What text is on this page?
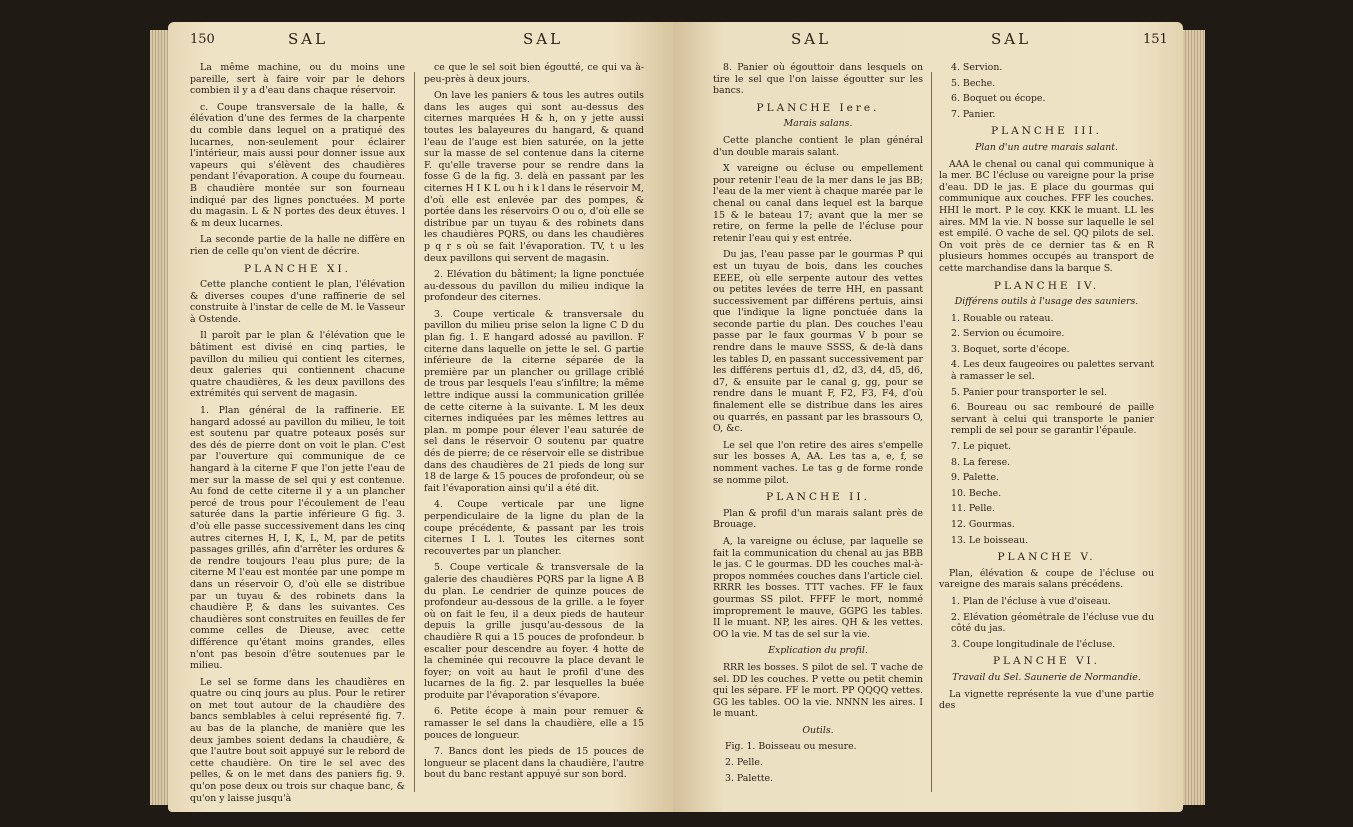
150	SAL	SAL

La même machine, ou du moins une pareille, sert à faire voir par le dehors combien il y a d'eau dans chaque réservoir.

c. Coupe transversale de la halle, & élévation d'une des fermes de la charpente du comble dans lequel on a pratiqué des lucarnes, non-seulement pour éclairer l'intérieur, mais aussi pour donner issue aux vapeurs qui s'élèvent des chaudières pendant l'évaporation. A coupe du fourneau. B chaudière montée sur son fourneau indiqué par des lignes ponctuées. M porte du magasin. L & N portes des deux étuves. l & m deux lucarnes.

La seconde partie de la halle ne diffère en rien de celle qu'on vient de décrire.

PLANCHE XI.

Cette planche contient le plan, l'élévation & diverses coupes d'une raffinerie de sel construite à l'instar de celle de M. le Vasseur à Ostende.

Il paroît par le plan & l'élévation que le bâtiment est divisé en cinq parties, le pavillon du milieu qui contient les citernes, deux galeries qui contiennent chacune quatre chaudières, & les deux pavillons des extrémités qui servent de magasin.

1. Plan général de la raffinerie. EE hangard adossé au pavillon du milieu, le toit est soutenu par quatre poteaux posés sur des dés de pierre dont on voit le plan. C'est par l'ouverture qui communique de ce hangard à la citerne F que l'on jette l'eau de mer sur la masse de sel qui y est contenue. Au fond de cette citerne il y a un plancher percé de trous pour l'écoulement de l'eau saturée dans la partie inférieure G fig. 3. d'où elle passe successivement dans les cinq autres citernes H, I, K, L, M, par de petits passages grillés, afin d'arrêter les ordures & de rendre toujours l'eau plus pure; de la citerne M l'eau est montée par une pompe m dans un réservoir O, d'où elle se distribue par un tuyau & des robinets dans la chaudière P, & dans les suivantes. Ces chaudières sont construites en feuilles de fer comme celles de Dieuse, avec cette différence qu'étant moins grandes, elles n'ont pas besoin d'être soutenues par le milieu.

Le sel se forme dans les chaudières en quatre ou cinq jours au plus. Pour le retirer on met tout autour de la chaudière des bancs semblables à celui représenté fig. 7. au bas de la planche, de manière que les deux jambes soient dedans la chaudière, & que l'autre bout soit appuyé sur le rebord de cette chaudière. On tire le sel avec des pelles, & on le met dans des paniers fig. 9. qu'on pose deux ou trois sur chaque banc, & qu'on y laisse jusqu'à

ce que le sel soit bien égoutté, ce qui va à-peu-près à deux jours.

On lave les paniers & tous les autres outils dans les auges qui sont au-dessus des citernes marquées H & h, on y jette aussi toutes les balayeures du hangard, & quand l'eau de l'auge est bien saturée, on la jette sur la masse de sel contenue dans la citerne F. qu'elle traverse pour se rendre dans la fosse G de la fig. 3. delà en passant par les citernes H I K L ou h i k l dans le réservoir M, d'où elle est enlevée par des pompes, & portée dans les réservoirs O ou o, d'où elle se distribue par un tuyau & des robinets dans les chaudières PQRS, ou dans les chaudières p q r s où se fait l'évaporation. TV, t u les deux pavillons qui servent de magasin.

2. Elévation du bâtiment; la ligne ponctuée au-dessous du pavillon du milieu indique la profondeur des citernes.

3. Coupe verticale & transversale du pavillon du milieu prise selon la ligne C D du plan fig. 1. E hangard adossé au pavillon. F citerne dans laquelle on jette le sel. G partie inférieure de la citerne séparée de la première par un plancher ou grillage criblé de trous par lesquels l'eau s'infiltre; la même lettre indique aussi la communication grillée de cette citerne à la suivante. L M les deux citernes indiquées par les mêmes lettres au plan. m pompe pour élever l'eau saturée de sel dans le réservoir O soutenu par quatre dés de pierre; de ce réservoir elle se distribue dans des chaudières de 21 pieds de long sur 18 de large & 15 pouces de profondeur, où se fait l'évaporation ainsi qu'il a été dit.

4. Coupe verticale par une ligne perpendiculaire de la ligne du plan de la coupe précédente, & passant par les trois citernes I L l. Toutes les citernes sont recouvertes par un plancher.

5. Coupe verticale & transversale de la galerie des chaudières PQRS par la ligne A B du plan. Le cendrier de quinze pouces de profondeur au-dessous de la grille. a le foyer où on fait le feu, il a deux pieds de hauteur depuis la grille jusqu'au-dessous de la chaudière R qui a 15 pouces de profondeur. b escalier pour descendre au foyer. 4 hotte de la cheminée qui recouvre la place devant le foyer; on voit au haut le profil d'une des lucarnes de la fig. 2. par lesquelles la buée produite par l'évaporation s'évapore.

6. Petite écope à main pour remuer & ramasser le sel dans la chaudière, elle a 15 pouces de longueur.

7. Bancs dont les pieds de 15 pouces de longueur se placent dans la chaudière, l'autre bout du banc restant appuyé sur son bord.

SAL	SAL	151

8. Panier où égouttoir dans lesquels on tire le sel que l'on laisse égoutter sur les bancs.

PLANCHE Iere.

Marais salans.

Cette planche contient le plan général d'un double marais salant.

X vareigne ou écluse ou empellement pour retenir l'eau de la mer dans le jas BB; l'eau de la mer vient à chaque marée par le chenal ou canal dans lequel est la barque 15 & le bateau 17; avant que la mer se retire, on ferme la pelle de l'écluse pour retenir l'eau qui y est entrée.

Du jas, l'eau passe par le gourmas P qui est un tuyau de bois, dans les couches EEEE, où elle serpente autour des vettes ou petites levées de terre HH, en passant successivement par différens pertuis, ainsi que l'indique la ligne ponctuée dans la seconde partie du plan. Des couches l'eau passe par le faux gourmas V b pour se rendre dans le mauve SSSS, & de-là dans les tables D, en passant successivement par les différens pertuis d1, d2, d3, d4, d5, d6, d7, & ensuite par le canal g, gg, pour se rendre dans le muant F, F2, F3, F4, d'où finalement elle se distribue dans les aires ou quarrés, en passant par les brassours O, O, &c.

Le sel que l'on retire des aires s'empelle sur les bosses A, AA. Les tas a, e, f, se nomment vaches. Le tas g de forme ronde se nomme pilot.

PLANCHE II.

Plan & profil d'un marais salant près de Brouage.

A, la vareigne ou écluse, par laquelle se fait la communication du chenal au jas BBB le jas. C le gourmas. DD les couches mal-à-propos nommées couches dans l'article ciel. RRRR les bosses. TTT vaches. FF le faux gourmas SS pilot. FFFF le mort, nommé improprement le mauve, GGPG les tables. II le muant. NP, les aires. QH & les vettes. OO la vie. M tas de sel sur la vie.

Explication du profil.

RRR les bosses. S pilot de sel. T vache de sel. DD les couches. P vette ou petit chemin qui les sépare. FF le mort. PP QQQQ vettes. GG les tables. OO la vie. NNNN les aires. I le muant.

Outils.

Fig. 1. Boisseau ou mesure.

2. Pelle.

3. Palette.

4. Servion.

5. Beche.

6. Boquet ou écope.

7. Panier.

PLANCHE III.

Plan d'un autre marais salant.

AAA le chenal ou canal qui communique à la mer. BC l'écluse ou vareigne pour la prise d'eau. DD le jas. E place du gourmas qui communique aux couches. FFF les couches. HHI le mort. P le coy. KKK le muant. LL les aires. MM la vie. N bosse sur laquelle le sel est empilé. O vache de sel. QQ pilots de sel. On voit près de ce dernier tas & en R plusieurs hommes occupés au transport de cette marchandise dans la barque S.

PLANCHE IV.

Différens outils à l'usage des sauniers.

1. Rouable ou rateau.

2. Servion ou écumoire.

3. Boquet, sorte d'écope.

4. Les deux faugeoires ou palettes servant à ramasser le sel.

5. Panier pour transporter le sel.

6. Boureau ou sac rembouré de paille servant à celui qui transporte le panier rempli de sel pour se garantir l'épaule.

7. Le piquet.

8. La ferese.

9. Palette.

10. Beche.

11. Pelle.

12. Gourmas.

13. Le boisseau.

PLANCHE V.

Plan, élévation & coupe de l'écluse ou vareigne des marais salans précédens.

1. Plan de l'écluse à vue d'oiseau.

2. Elévation géométrale de l'écluse vue du côté du jas.

3. Coupe longitudinale de l'écluse.

PLANCHE VI.

Travail du Sel. Saunerie de Normandie.

La vignette représente la vue d'une partie des
